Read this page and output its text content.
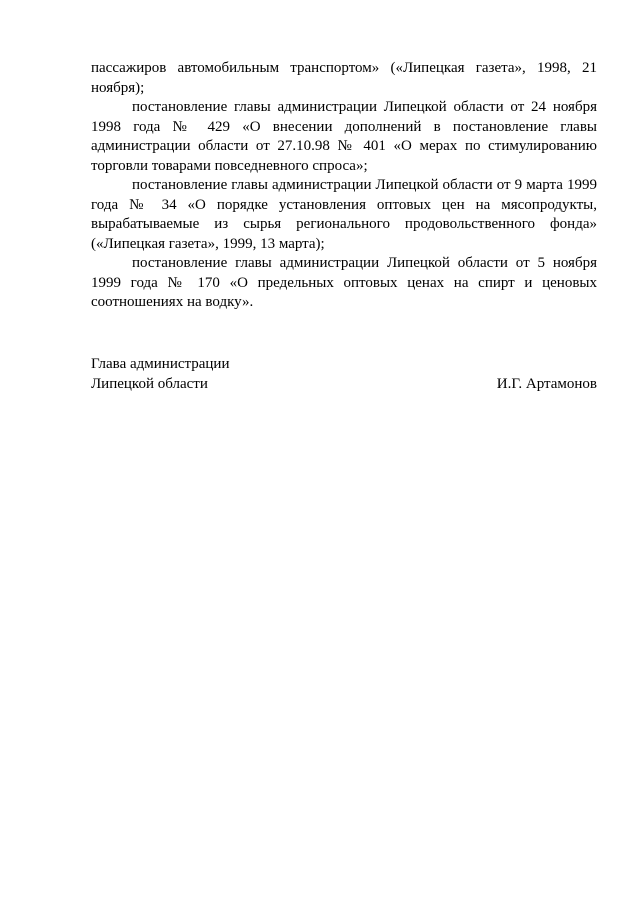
пассажиров автомобильным транспортом» («Липецкая газета», 1998, 21 ноября);

постановление главы администрации Липецкой области от 24 ноября 1998 года № 429 «О внесении дополнений в постановление главы администрации области от 27.10.98 № 401 «О мерах по стимулированию торговли товарами повседневного спроса»;

постановление главы администрации Липецкой области от 9 марта 1999 года № 34 «О порядке установления оптовых цен на мясопродукты, вырабатываемые из сырья регионального продовольственного фонда» («Липецкая газета», 1999, 13 марта);

постановление главы администрации Липецкой области от 5 ноября 1999 года № 170 «О предельных оптовых ценах на спирт и ценовых соотношениях на водку».

Глава администрации
Липецкой области	И.Г. Артамонов
